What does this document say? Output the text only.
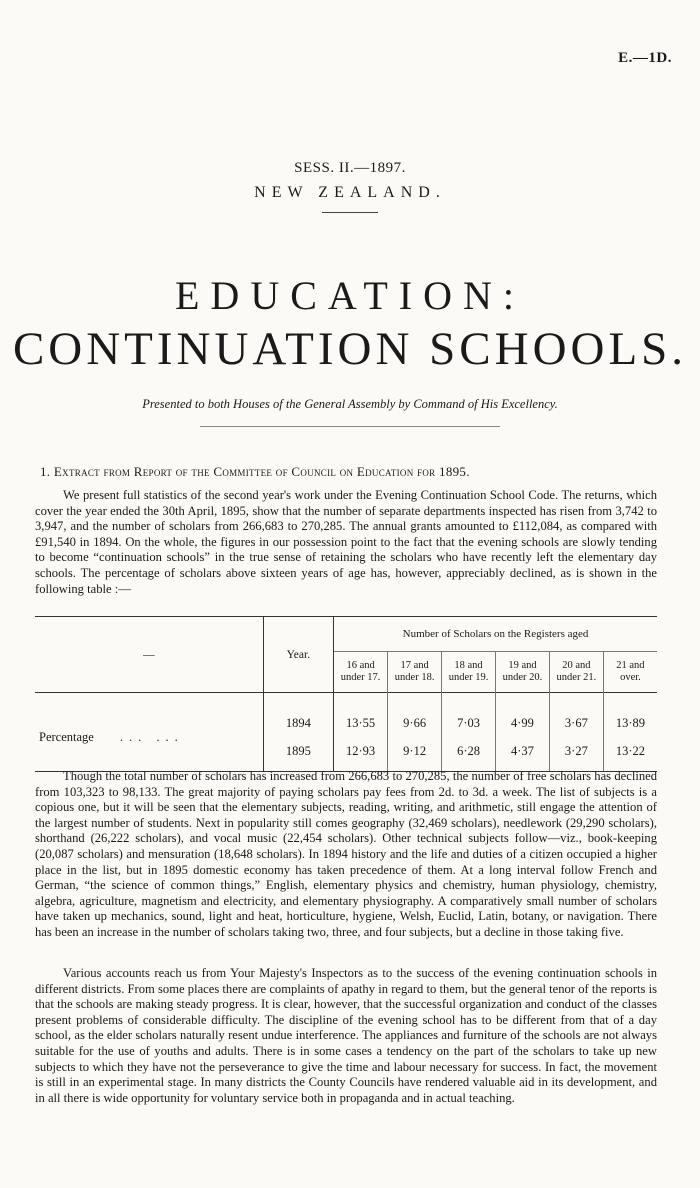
E.—1D.
SESS. II.—1897.
NEW ZEALAND.
EDUCATION:
CONTINUATION SCHOOLS.
Presented to both Houses of the General Assembly by Command of His Excellency.
1. Extract from Report of the Committee of Council on Education for 1895.

We present full statistics of the second year's work under the Evening Continuation School Code. The returns, which cover the year ended the 30th April, 1895, show that the number of separate departments inspected has risen from 3,742 to 3,947, and the number of scholars from 266,683 to 270,285. The annual grants amounted to £112,084, as compared with £91,540 in 1894. On the whole, the figures in our possession point to the fact that the evening schools are slowly tending to become “continuation schools” in the true sense of retaining the scholars who have recently left the elementary day schools. The percentage of scholars above sixteen years of age has, however, appreciably declined, as is shown in the following table :—

—	Year.	Number of Scholars on the Registers aged					
		16 and
under 17.	17 and
under 18.	18 and
under 19.	19 and
under 20.	20 and
under 21.	21 and
over.

Percentage ... ...	1894	13·55	9·66	7·03	4·99	3·67	13·89
	1895	12·93	9·12	6·28	4·37	3·27	13·22

Though the total number of scholars has increased from 266,683 to 270,285, the number of free scholars has declined from 103,323 to 98,133. The great majority of paying scholars pay fees from 2d. to 3d. a week. The list of subjects is a copious one, but it will be seen that the elementary subjects, reading, writing, and arithmetic, still engage the attention of the largest number of students. Next in popularity still comes geography (32,469 scholars), needlework (29,290 scholars), shorthand (26,222 scholars), and vocal music (22,454 scholars). Other technical subjects follow—viz., book-keeping (20,087 scholars) and mensuration (18,648 scholars). In 1894 history and the life and duties of a citizen occupied a higher place in the list, but in 1895 domestic economy has taken precedence of them. At a long interval follow French and German, “the science of common things,” English, elementary physics and chemistry, human physiology, chemistry, algebra, agriculture, magnetism and electricity, and elementary physiography. A comparatively small number of scholars have taken up mechanics, sound, light and heat, horticulture, hygiene, Welsh, Euclid, Latin, botany, or navigation. There has been an increase in the number of scholars taking two, three, and four subjects, but a decline in those taking five.

Various accounts reach us from Your Majesty's Inspectors as to the success of the evening continuation schools in different districts. From some places there are complaints of apathy in regard to them, but the general tenor of the reports is that the schools are making steady progress. It is clear, however, that the successful organization and conduct of the classes present problems of considerable difficulty. The discipline of the evening school has to be different from that of a day school, as the elder scholars naturally resent undue interference. The appliances and furniture of the schools are not always suitable for the use of youths and adults. There is in some cases a tendency on the part of the scholars to take up new subjects to which they have not the perseverance to give the time and labour necessary for success. In fact, the movement is still in an experimental stage. In many districts the County Councils have rendered valuable aid in its development, and in all there is wide opportunity for voluntary service both in propaganda and in actual teaching.
